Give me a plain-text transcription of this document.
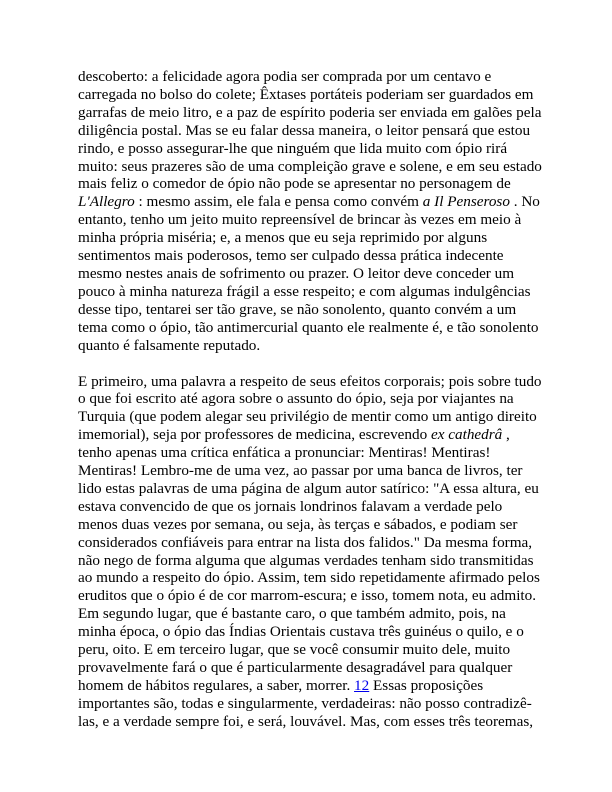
descoberto: a felicidade agora podia ser comprada por um centavo e carregada no bolso do colete; Êxtases portáteis poderiam ser guardados em garrafas de meio litro, e a paz de espírito poderia ser enviada em galões pela diligência postal. Mas se eu falar dessa maneira, o leitor pensará que estou rindo, e posso assegurar-lhe que ninguém que lida muito com ópio rirá muito: seus prazeres são de uma compleição grave e solene, e em seu estado mais feliz o comedor de ópio não pode se apresentar no personagem de L'Allegro : mesmo assim, ele fala e pensa como convém a Il Penseroso . No entanto, tenho um jeito muito repreensível de brincar às vezes em meio à minha própria miséria; e, a menos que eu seja reprimido por alguns sentimentos mais poderosos, temo ser culpado dessa prática indecente mesmo nestes anais de sofrimento ou prazer. O leitor deve conceder um pouco à minha natureza frágil a esse respeito; e com algumas indulgências desse tipo, tentarei ser tão grave, se não sonolento, quanto convém a um tema como o ópio, tão antimercurial quanto ele realmente é, e tão sonolento quanto é falsamente reputado.

E primeiro, uma palavra a respeito de seus efeitos corporais; pois sobre tudo o que foi escrito até agora sobre o assunto do ópio, seja por viajantes na Turquia (que podem alegar seu privilégio de mentir como um antigo direito imemorial), seja por professores de medicina, escrevendo ex cathedrâ , tenho apenas uma crítica enfática a pronunciar: Mentiras! Mentiras! Mentiras! Lembro-me de uma vez, ao passar por uma banca de livros, ter lido estas palavras de uma página de algum autor satírico: "A essa altura, eu estava convencido de que os jornais londrinos falavam a verdade pelo menos duas vezes por semana, ou seja, às terças e sábados, e podiam ser considerados confiáveis para entrar na lista dos falidos." Da mesma forma, não nego de forma alguma que algumas verdades tenham sido transmitidas ao mundo a respeito do ópio. Assim, tem sido repetidamente afirmado pelos eruditos que o ópio é de cor marrom-escura; e isso, tomem nota, eu admito. Em segundo lugar, que é bastante caro, o que também admito, pois, na minha época, o ópio das Índias Orientais custava três guinéus o quilo, e o peru, oito. E em terceiro lugar, que se você consumir muito dele, muito provavelmente fará o que é particularmente desagradável para qualquer homem de hábitos regulares, a saber, morrer. 12 Essas proposições importantes são, todas e singularmente, verdadeiras: não posso contradizê-las, e a verdade sempre foi, e será, louvável. Mas, com esses três teoremas,
